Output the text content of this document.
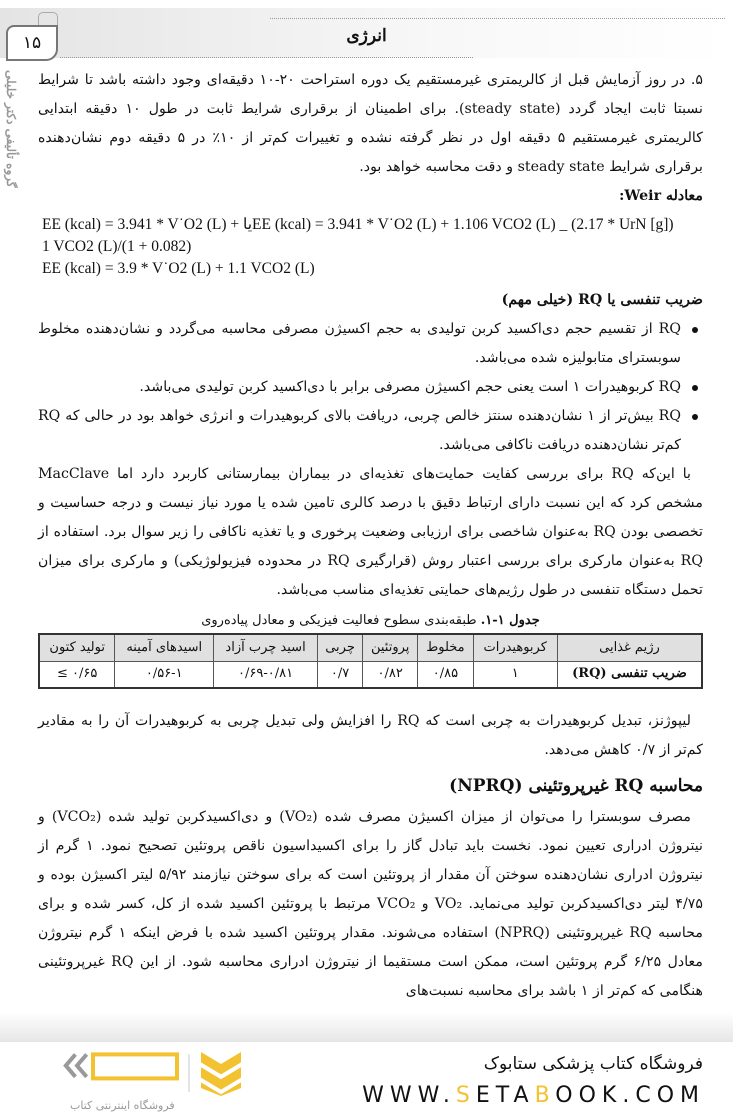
۱۵	انرژی
گروه تألیفی دکتر خلیلی ۵. در روز آزمایش قبل از کالریمتری غیرمستقیم یک دوره استراحت ۲۰-۱۰ دقیقه‌ای وجود داشته باشد تا شرایط نسبتا ثابت ایجاد گردد (steady state). برای اطمینان از برقراری شرایط ثابت در طول ۱۰ دقیقه ابتدایی کالریمتری غیرمستقیم ۵ دقیقه اول در نظر گرفته نشده و تغییرات کم‌تر از ۱۰٪ در ۵ دقیقه دوم نشان‌دهنده برقراری شرایط steady state و دقت محاسبه خواهد بود.

معادله Weir:

EE (kcal) = 3.941 * V˙O2 (L) + یاEE (kcal) = 3.941 * V˙O2 (L) + 1.106 VCO2 (L) _ (2.17 * UrN [g])
1 VCO2 (L)/(1 + 0.082)
EE (kcal) = 3.9 * V˙O2 (L) + 1.1 VCO2 (L)

ضریب تنفسی یا RQ (خیلی مهم)

RQ از تقسیم حجم دی‌اکسید کربن تولیدی به حجم اکسیژن مصرفی محاسبه می‌گردد و نشان‌دهنده مخلوط سوبسترای متابولیزه شده می‌باشد.
RQ کربوهیدرات ۱ است یعنی حجم اکسیژن مصرفی برابر با دی‌اکسید کربن تولیدی می‌باشد.
RQ بیش‌تر از ۱ نشان‌دهنده سنتز خالص چربی، دریافت بالای کربوهیدرات و انرژی خواهد بود در حالی که RQ کم‌تر نشان‌دهنده دریافت ناکافی می‌باشد.

با این‌که RQ برای بررسی کفایت حمایت‌های تغذیه‌ای در بیماران بیمارستانی کاربرد دارد اما MacClave مشخص کرد که این نسبت دارای ارتباط دقیق با درصد کالری تامین شده یا مورد نیاز نیست و درجه حساسیت و تخصصی بودن RQ به‌عنوان شاخصی برای ارزیابی وضعیت پرخوری و یا تغذیه ناکافی را زیر سوال برد. استفاده از RQ به‌عنوان مارکری برای بررسی اعتبار روش (قرارگیری RQ در محدوده فیزیولوژیکی) و مارکری برای میزان تحمل دستگاه تنفسی در طول رژیم‌های حمایتی تغذیه‌ای مناسب می‌باشد.

جدول ۱-۱. طبقه‌بندی سطوح فعالیت فیزیکی و معادل پیاده‌روی
رژیم غذایی	کربوهیدرات	مخلوط	پروتئین	چربی	اسید چرب آزاد	اسیدهای آمینه	تولید کتون
ضریب تنفسی (RQ)	۱	۰/۸۵	۰/۸۲	۰/۷	۰/۶۹-۰/۸۱	۰/۵۶-۱	۰/۶۵ ≥

لیپوژنز، تبدیل کربوهیدرات به چربی است که RQ را افزایش ولی تبدیل چربی به کربوهیدرات آن را به مقادیر کم‌تر از ۰/۷ کاهش می‌دهد.

محاسبه RQ غیرپروتئینی (NPRQ)

مصرف سوبسترا را می‌توان از میزان اکسیژن مصرف شده (VO₂) و دی‌اکسیدکربن تولید شده (VCO₂) و نیتروژن ادراری تعیین نمود. نخست باید تبادل گاز را برای اکسیداسیون ناقص پروتئین تصحیح نمود. ۱ گرم از نیتروژن ادراری نشان‌دهنده سوختن آن مقدار از پروتئین است که برای سوختن نیازمند ۵/۹۲ لیتر اکسیژن بوده و ۴/۷۵ لیتر دی‌اکسیدکربن تولید می‌نماید. VO₂ و VCO₂ مرتبط با پروتئین اکسید شده از کل، کسر شده و برای محاسبه RQ غیرپروتئینی (NPRQ) استفاده می‌شوند. مقدار پروتئین اکسید شده با فرض اینکه ۱ گرم نیتروژن معادل ۶/۲۵ گرم پروتئین است، ممکن است مستقیما از نیتروژن ادراری محاسبه شود. از این RQ غیرپروتئینی هنگامی که کم‌تر از ۱ باشد برای محاسبه نسبت‌های

فروشگاه اینترنتی کتاب
فروشگاه کتاب پزشکی ستابوک
WWW.SETABOOK.COM
